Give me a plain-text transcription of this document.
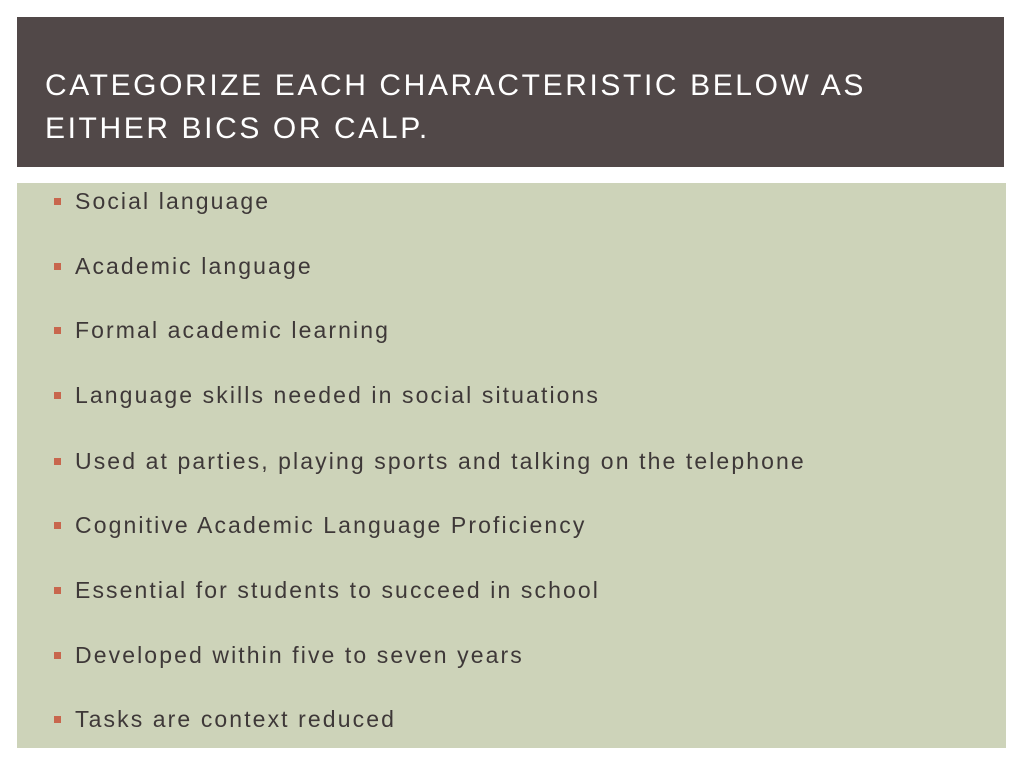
CATEGORIZE EACH CHARACTERISTIC BELOW AS EITHER BICS OR CALP.
Social language
Academic language
Formal academic learning
Language skills needed in social situations
Used at parties, playing sports and talking on the telephone
Cognitive Academic Language Proficiency
Essential for students to succeed in school
Developed within five to seven years
Tasks are context reduced
